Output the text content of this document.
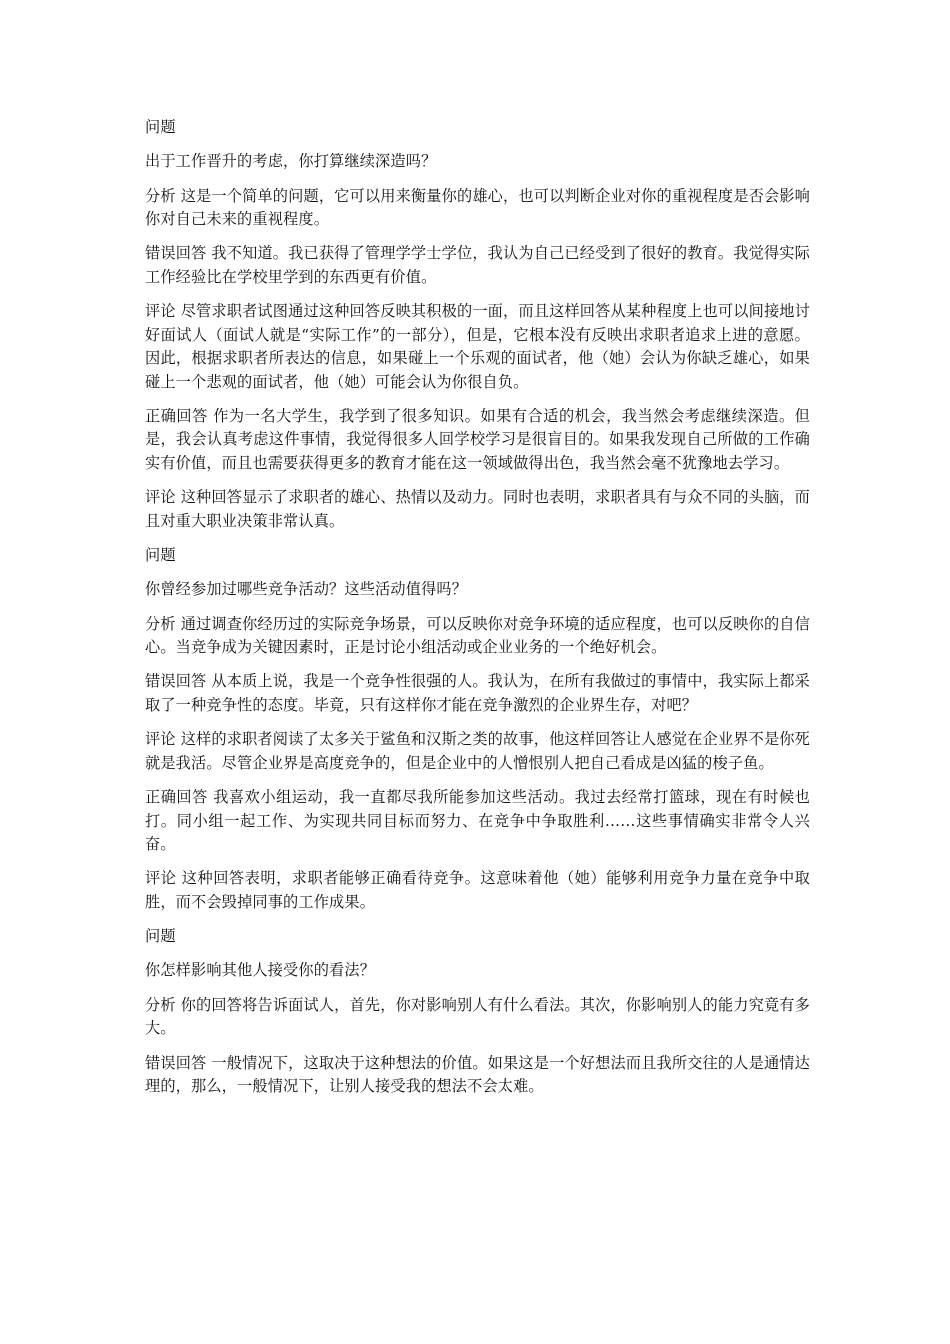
问题

出于工作晋升的考虑，你打算继续深造吗？

分析 这是一个简单的问题，它可以用来衡量你的雄心，也可以判断企业对你的重视程度是否会影响你对自己未来的重视程度。

错误回答 我不知道。我已获得了管理学学士学位，我认为自己已经受到了很好的教育。我觉得实际工作经验比在学校里学到的东西更有价值。

评论 尽管求职者试图通过这种回答反映其积极的一面，而且这样回答从某种程度上也可以间接地讨好面试人（面试人就是“实际工作”的一部分），但是，它根本没有反映出求职者追求上进的意愿。因此，根据求职者所表达的信息，如果碰上一个乐观的面试者，他（她）会认为你缺乏雄心，如果碰上一个悲观的面试者，他（她）可能会认为你很自负。

正确回答 作为一名大学生，我学到了很多知识。如果有合适的机会，我当然会考虑继续深造。但是，我会认真考虑这件事情，我觉得很多人回学校学习是很盲目的。如果我发现自己所做的工作确实有价值，而且也需要获得更多的教育才能在这一领域做得出色，我当然会毫不犹豫地去学习。

评论 这种回答显示了求职者的雄心、热情以及动力。同时也表明，求职者具有与众不同的头脑，而且对重大职业决策非常认真。

问题

你曾经参加过哪些竞争活动？这些活动值得吗？

分析 通过调查你经历过的实际竞争场景，可以反映你对竞争环境的适应程度，也可以反映你的自信心。当竞争成为关键因素时，正是讨论小组活动或企业业务的一个绝好机会。

错误回答 从本质上说，我是一个竞争性很强的人。我认为，在所有我做过的事情中，我实际上都采取了一种竞争性的态度。毕竟，只有这样你才能在竞争激烈的企业界生存，对吧？

评论 这样的求职者阅读了太多关于鲨鱼和汉斯之类的故事，他这样回答让人感觉在企业界不是你死就是我活。尽管企业界是高度竞争的，但是企业中的人憎恨别人把自己看成是凶猛的梭子鱼。

正确回答 我喜欢小组运动，我一直都尽我所能参加这些活动。我过去经常打篮球，现在有时候也打。同小组一起工作、为实现共同目标而努力、在竞争中争取胜利……这些事情确实非常令人兴奋。

评论 这种回答表明，求职者能够正确看待竞争。这意味着他（她）能够利用竞争力量在竞争中取胜，而不会毁掉同事的工作成果。

问题

你怎样影响其他人接受你的看法？

分析 你的回答将告诉面试人，首先，你对影响别人有什么看法。其次，你影响别人的能力究竟有多大。

错误回答 一般情况下，这取决于这种想法的价值。如果这是一个好想法而且我所交往的人是通情达理的，那么，一般情况下，让别人接受我的想法不会太难。
